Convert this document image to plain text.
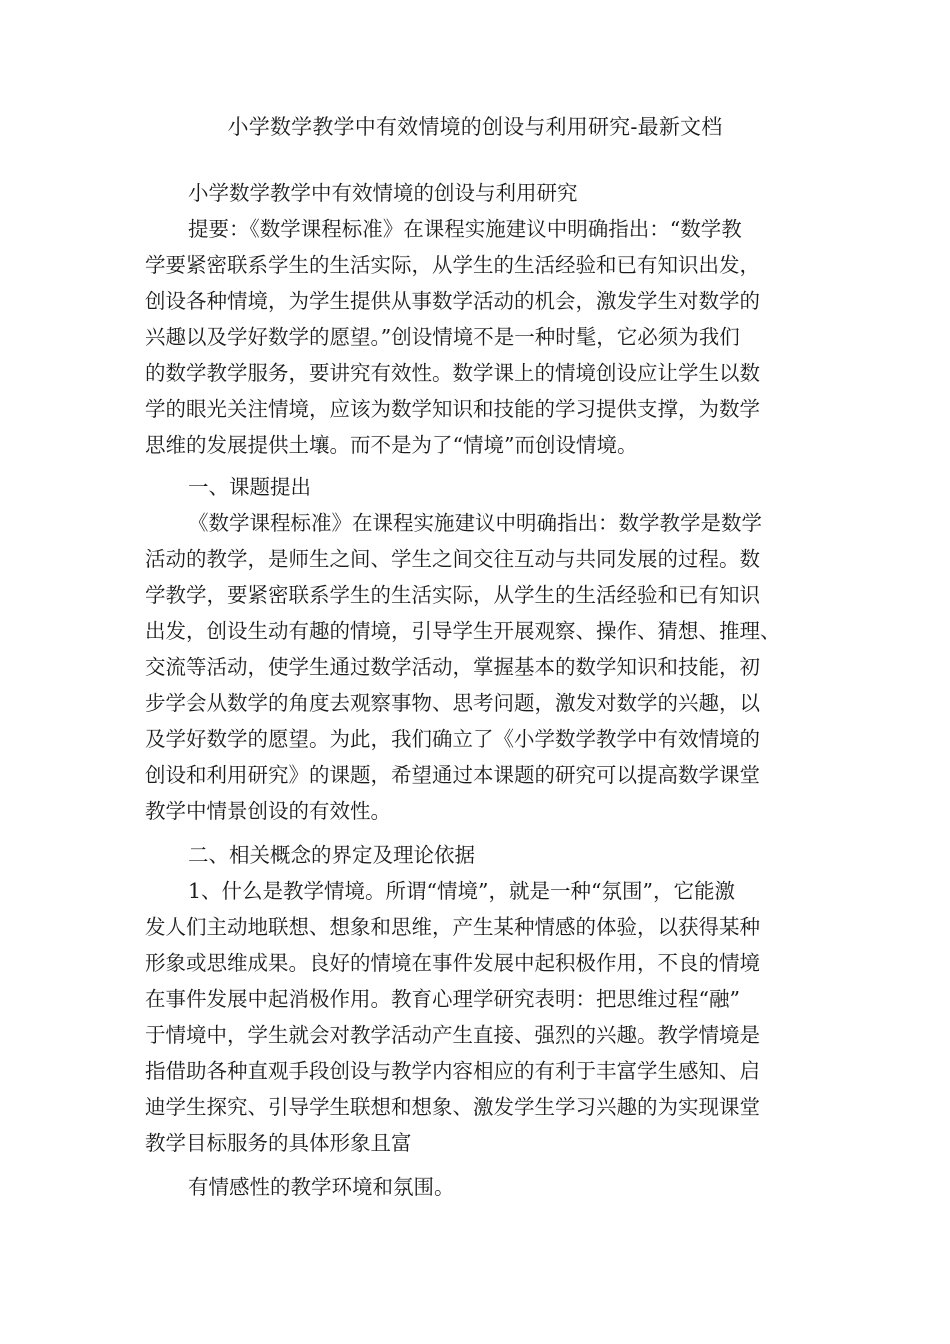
小学数学教学中有效情境的创设与利用研究-最新文档
小学数学教学中有效情境的创设与利用研究
提要：《数学课程标准》在课程实施建议中明确指出：“数学教
学要紧密联系学生的生活实际，从学生的生活经验和已有知识出发，
创设各种情境，为学生提供从事数学活动的机会，激发学生对数学的
兴趣以及学好数学的愿望。”创设情境不是一种时髦，它必须为我们
的数学教学服务，要讲究有效性。数学课上的情境创设应让学生以数
学的眼光关注情境，应该为数学知识和技能的学习提供支撑，为数学
思维的发展提供土壤。而不是为了“情境”而创设情境。
一、课题提出
《数学课程标准》在课程实施建议中明确指出：数学教学是数学
活动的教学，是师生之间、学生之间交往互动与共同发展的过程。数
学教学，要紧密联系学生的生活实际，从学生的生活经验和已有知识
出发，创设生动有趣的情境，引导学生开展观察、操作、猜想、推理、
交流等活动，使学生通过数学活动，掌握基本的数学知识和技能，初
步学会从数学的角度去观察事物、思考问题，激发对数学的兴趣，以
及学好数学的愿望。为此，我们确立了《小学数学教学中有效情境的
创设和利用研究》的课题，希望通过本课题的研究可以提高数学课堂
教学中情景创设的有效性。
二、相关概念的界定及理论依据
1、什么是教学情境。所谓“情境”，就是一种“氛围”，它能激
发人们主动地联想、想象和思维，产生某种情感的体验，以获得某种
形象或思维成果。良好的情境在事件发展中起积极作用，不良的情境
在事件发展中起消极作用。教育心理学研究表明：把思维过程“融”
于情境中，学生就会对教学活动产生直接、强烈的兴趣。教学情境是
指借助各种直观手段创设与教学内容相应的有利于丰富学生感知、启
迪学生探究、引导学生联想和想象、激发学生学习兴趣的为实现课堂
教学目标服务的具体形象且富
有情感性的教学环境和氛围。
